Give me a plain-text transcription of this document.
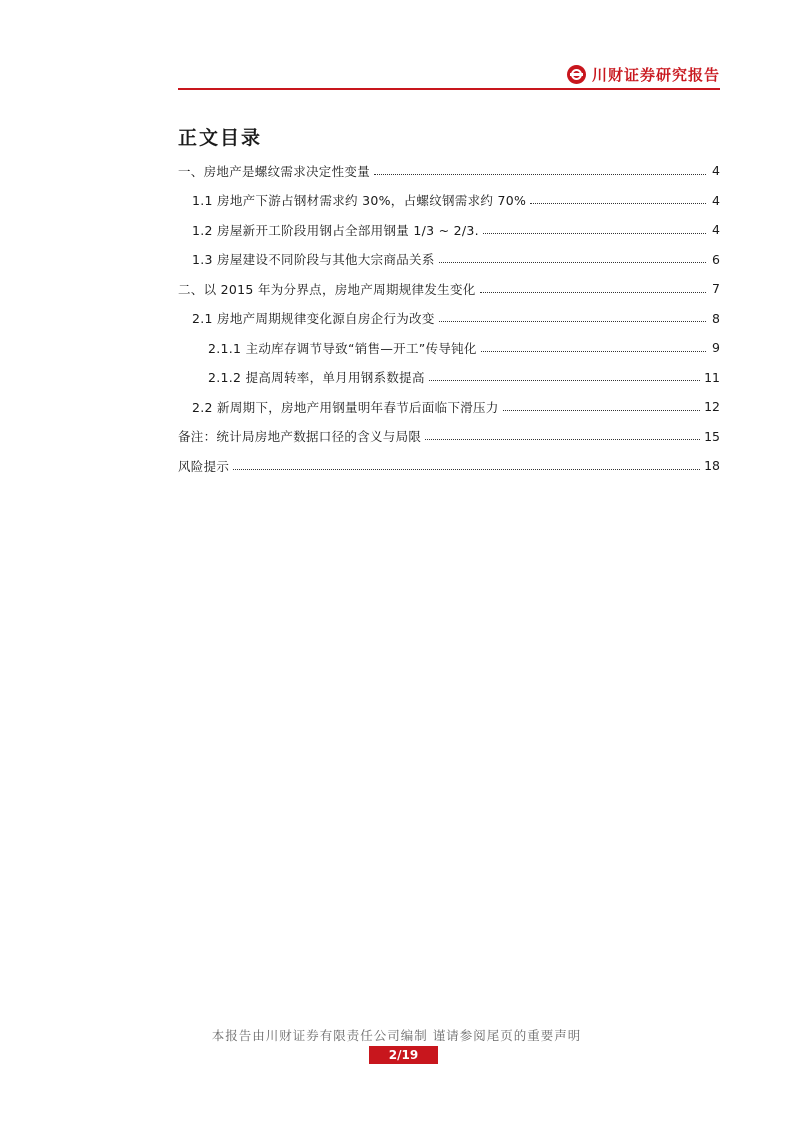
川财证券研究报告
正文目录
一、房地产是螺纹需求决定性变量	4
1.1 房地产下游占钢材需求约 30%，占螺纹钢需求约 70%	4
1.2 房屋新开工阶段用钢占全部用钢量 1/3 ~ 2/3.	4
1.3 房屋建设不同阶段与其他大宗商品关系	6
二、以 2015 年为分界点，房地产周期规律发生变化	7
2.1 房地产周期规律变化源自房企行为改变	8
2.1.1 主动库存调节导致“销售—开工”传导钝化	9
2.1.2 提高周转率，单月用钢系数提高	11
2.2 新周期下，房地产用钢量明年春节后面临下滑压力	12
备注：统计局房地产数据口径的含义与局限	15
风险提示	18
本报告由川财证券有限责任公司编制 谨请参阅尾页的重要声明
2/19
